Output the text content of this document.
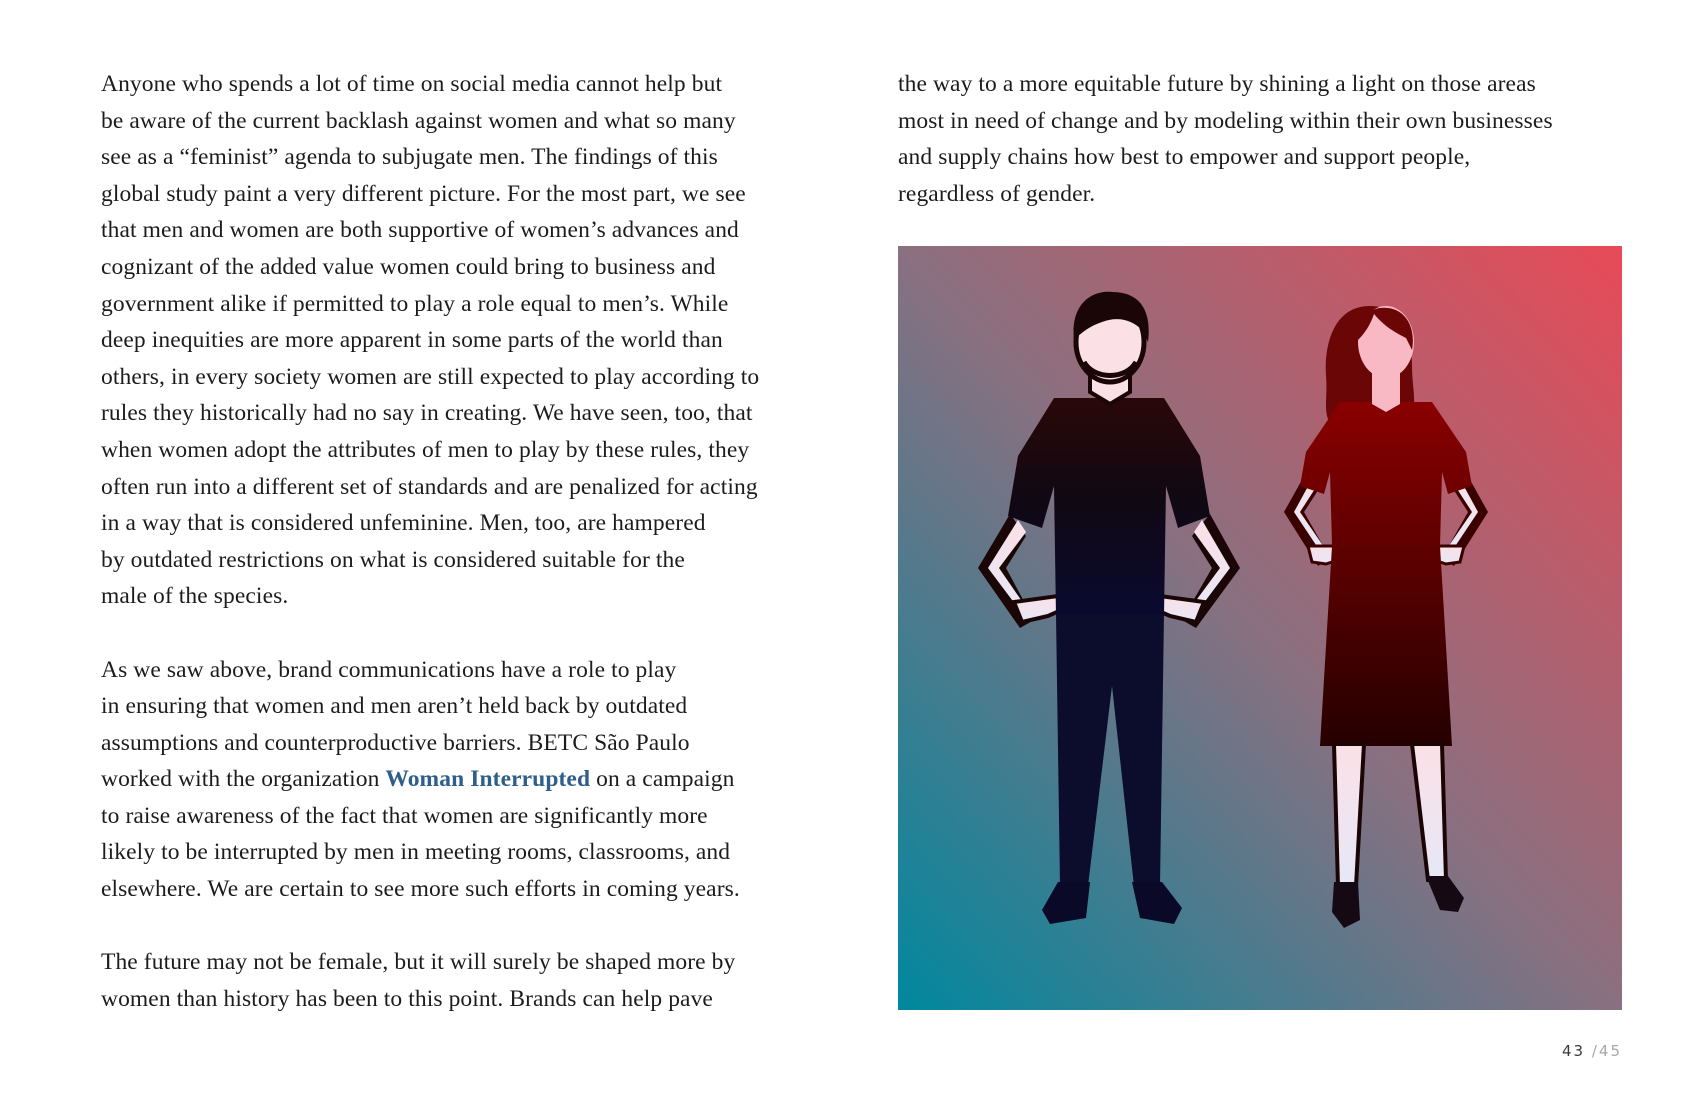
Anyone who spends a lot of time on social media cannot help but
be aware of the current backlash against women and what so many
see as a “feminist” agenda to subjugate men. The findings of this
global study paint a very different picture. For the most part, we see
that men and women are both supportive of women’s advances and
cognizant of the added value women could bring to business and
government alike if permitted to play a role equal to men’s. While
deep inequities are more apparent in some parts of the world than
others, in every society women are still expected to play according to
rules they historically had no say in creating. We have seen, too, that
when women adopt the attributes of men to play by these rules, they
often run into a different set of standards and are penalized for acting
in a way that is considered unfeminine. Men, too, are hampered
by outdated restrictions on what is considered suitable for the
male of the species.

As we saw above, brand communications have a role to play
in ensuring that women and men aren’t held back by outdated
assumptions and counterproductive barriers. BETC São Paulo
worked with the organization Woman Interrupted on a campaign
to raise awareness of the fact that women are significantly more
likely to be interrupted by men in meeting rooms, classrooms, and
elsewhere. We are certain to see more such efforts in coming years.

The future may not be female, but it will surely be shaped more by
women than history has been to this point. Brands can help pave

the way to a more equitable future by shining a light on those areas
most in need of change and by modeling within their own businesses
and supply chains how best to empower and support people,
regardless of gender.

43 /45
